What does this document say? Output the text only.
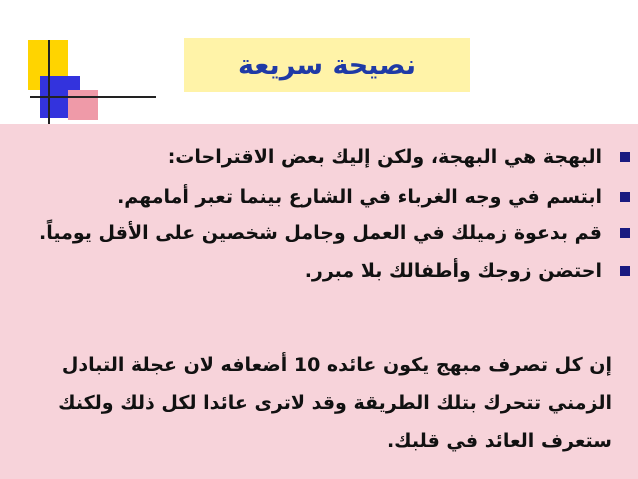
نصيحة سريعة
البهجة هي البهجة، ولكن إليك بعض الاقتراحات:
ابتسم في وجه الغرباء في الشارع بينما تعبر أمامهم.
قم بدعوة زميلك في العمل وجامل شخصين على الأقل يومياً.
احتضن زوجك وأطفالك بلا مبرر.
إن كل تصرف مبهج يكون عائده 10 أضعافه لان عجلة التبادل
الزمني تتحرك بتلك الطريقة وقد لاترى عائدا لكل ذلك ولكنك
ستعرف العائد في قلبك.
